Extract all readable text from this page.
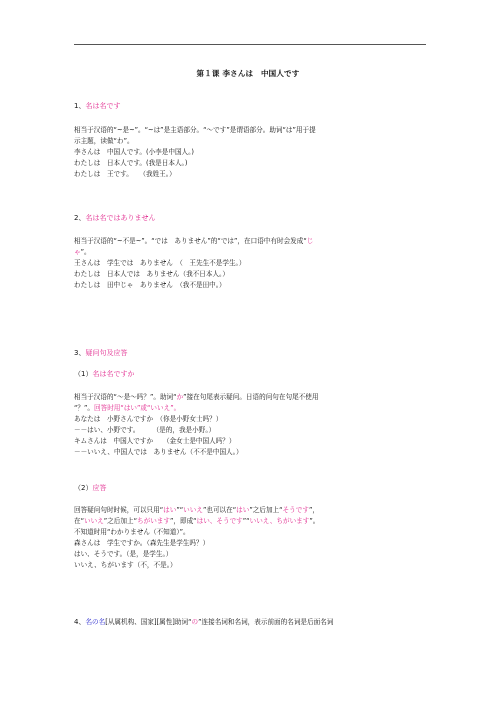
第１课 李さんは　中国人です
1、名は名です
相当于汉语的“~是~”。“~は”是主语部分。“～です”是谓语部分。助词“は”用于提
示主题，读做“わ”。
李さんは　中国人です。(小李是中国人。)
わたしは　日本人です。(我是日本人。)
わたしは　王です。　　（我姓王。）
2、名は名ではありません
相当于汉语的“~不是~”。“では　ありません”的“では”，在口语中有时会发成“じ
ゃ”。
王さんは　学生では　ありません　（　王先生不是学生。）
わたしは　日本人では　ありません（我不日本人。）
わたしは　田中じゃ　ありません　（我不是田中。）
3、疑问句及应答
（1）名は名ですか
相当于汉语的“～是～吗？”。助词“か”接在句尾表示疑问。日语的问句在句尾不使用
“？”。回答时用“はい”或“いいえ”。
あなたは　小野さんですか　（你是小野女士吗？）
－－はい、小野です。　　　（是的，我是小野。）
キムさんは　中国人ですか　　（金女士是中国人吗？）
－－いいえ、中国人では　ありません（不不是中国人。）
（2）应答
回答疑问句时时候，可以只用“はい”“いいえ”也可以在“はい”之后加上“そうです”，
在“いいえ”之后加上“ちがいます”，即成“はい、そうです”“いいえ、ちがいます”。
不知道时用“わかりません（不知道）”。
森さんは　学生ですか。（森先生是学生吗？）
はい、そうです。（是，是学生。）
いいえ、ちがいます（不，不是。）
4、名の名[从属机构、国家][属性]助词“の”连接名词和名词，表示前面的名词是后面名词
